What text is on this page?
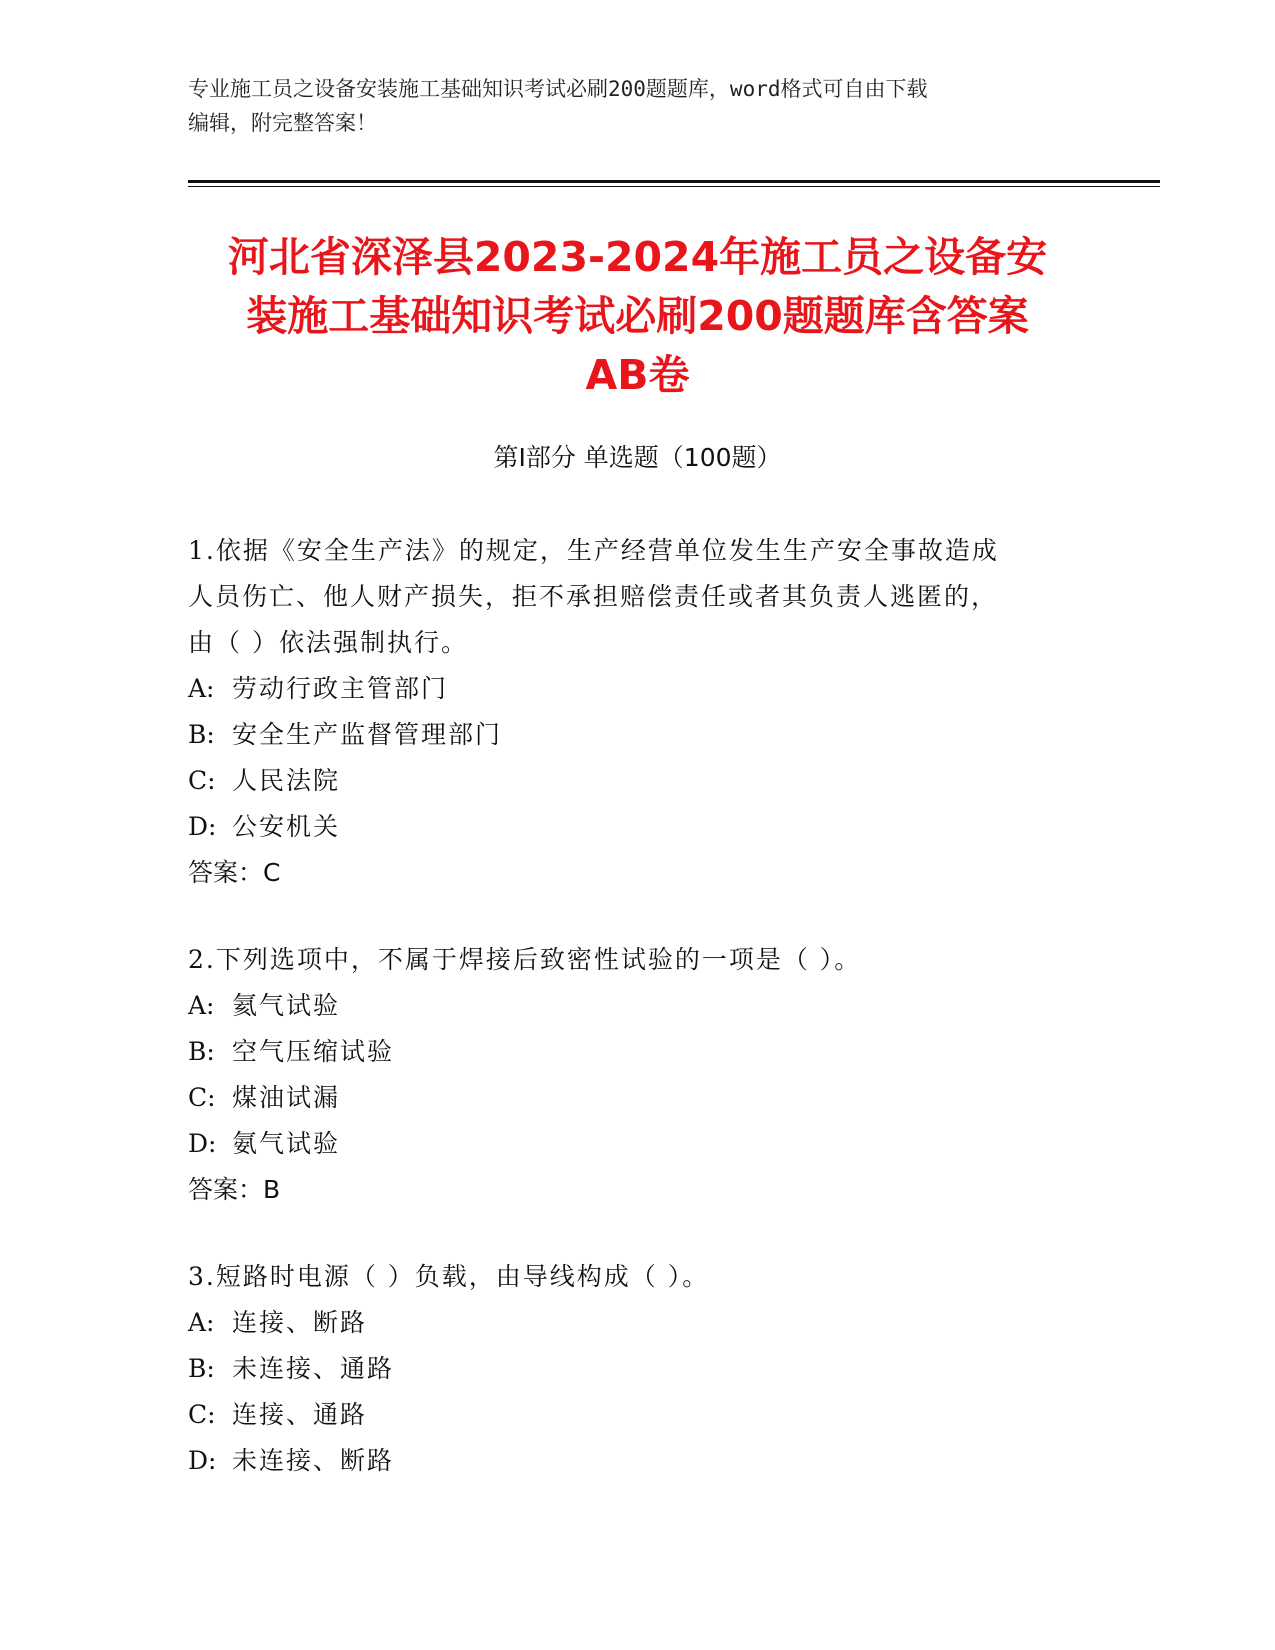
专业施工员之设备安装施工基础知识考试必刷200题题库，word格式可自由下载
编辑，附完整答案！
河北省深泽县2023-2024年施工员之设备安
装施工基础知识考试必刷200题题库含答案
AB卷
第Ⅰ部分 单选题（100题）
1.依据《安全生产法》的规定，生产经营单位发生生产安全事故造成
人员伤亡、他人财产损失，拒不承担赔偿责任或者其负责人逃匿的，
由（ ）依法强制执行。
A: 劳动行政主管部门
B: 安全生产监督管理部门
C: 人民法院
D: 公安机关
答案：C
2.下列选项中，不属于焊接后致密性试验的一项是（ ）。
A: 氦气试验
B: 空气压缩试验
C: 煤油试漏
D: 氨气试验
答案：B
3.短路时电源（ ）负载，由导线构成（ ）。
A: 连接、断路
B: 未连接、通路
C: 连接、通路
D: 未连接、断路
